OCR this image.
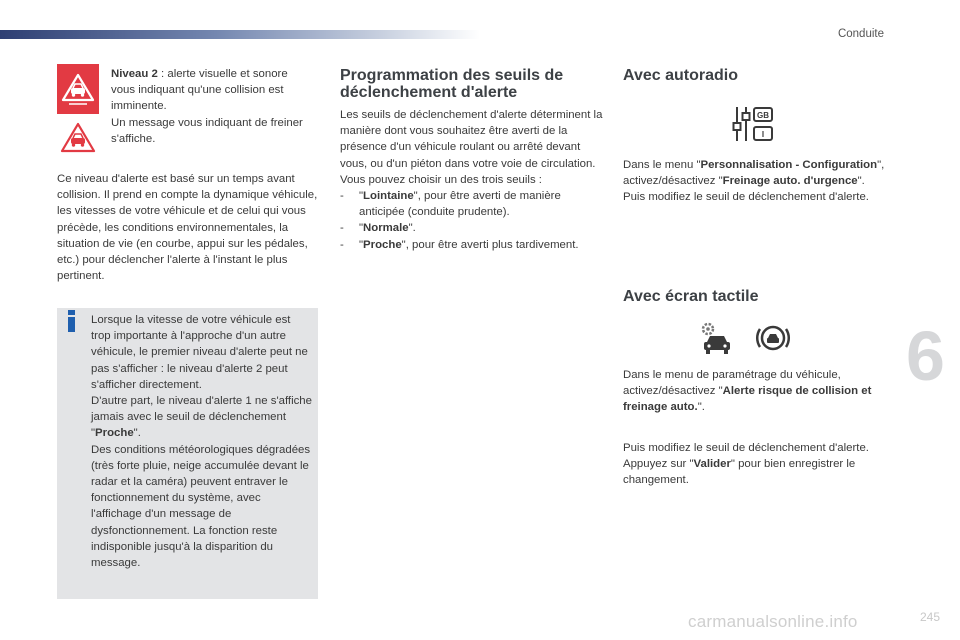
Conduite

Niveau 2 : alerte visuelle et sonore vous indiquant qu'une collision est imminente.

Un message vous indiquant de freiner s'affiche.

Ce niveau d'alerte est basé sur un temps avant collision. Il prend en compte la dynamique véhicule, les vitesses de votre véhicule et de celui qui vous précède, les conditions environnementales, la situation de vie (en courbe, appui sur les pédales, etc.) pour déclencher l'alerte à l'instant le plus pertinent.

Lorsque la vitesse de votre véhicule est trop importante à l'approche d'un autre véhicule, le premier niveau d'alerte peut ne pas s'afficher : le niveau d'alerte 2 peut s'afficher directement.

D'autre part, le niveau d'alerte 1 ne s'affiche jamais avec le seuil de déclenchement "Proche".

Des conditions météorologiques dégradées (très forte pluie, neige accumulée devant le radar et la caméra) peuvent entraver le fonctionnement du système, avec l'affichage d'un message de dysfonctionnement. La fonction reste indisponible jusqu'à la disparition du message.

Programmation des seuils de déclenchement d'alerte

Les seuils de déclenchement d'alerte déterminent la manière dont vous souhaitez être averti de la présence d'un véhicule roulant ou arrêté devant vous, ou d'un piéton dans votre voie de circulation.

Vous pouvez choisir un des trois seuils :

-	"Lointaine", pour être averti de manière anticipée (conduite prudente).
-	"Normale".
-	"Proche", pour être averti plus tardivement.
Avec autoradio
GB
I

Dans le menu "Personnalisation - Configuration", activez/désactivez "Freinage auto. d'urgence".

Puis modifiez le seuil de déclenchement d'alerte.

Avec écran tactile

Dans le menu de paramétrage du véhicule, activez/désactivez "Alerte risque de collision et freinage auto.".

Puis modifiez le seuil de déclenchement d'alerte.

Appuyez sur "Valider" pour bien enregistrer le changement.

6
carmanualsonline.info	245
